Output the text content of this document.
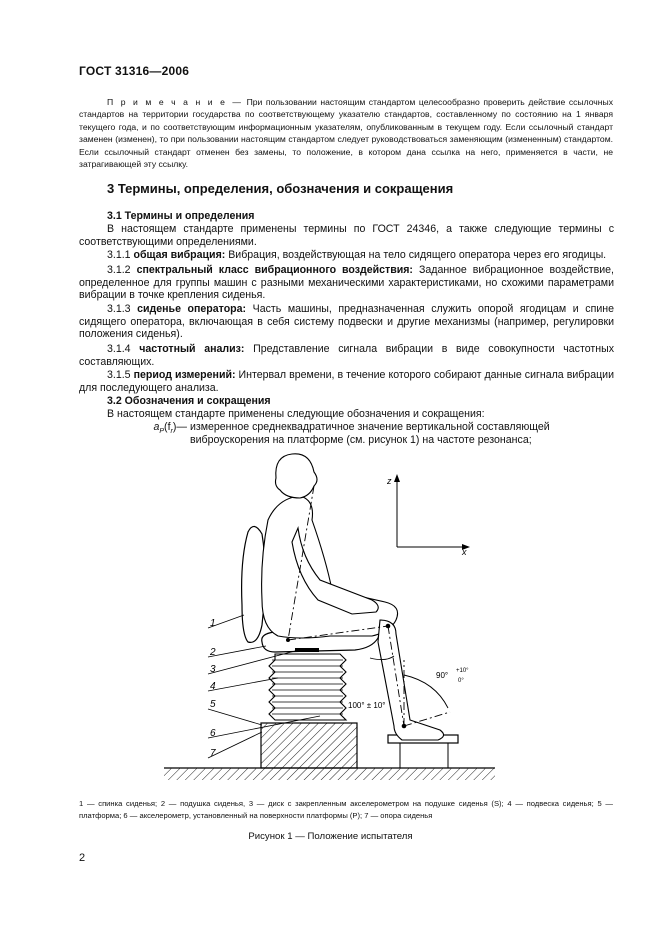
ГОСТ 31316—2006
П р и м е ч а н и е — При пользовании настоящим стандартом целесообразно проверить действие ссылочных стандартов на территории государства по соответствующему указателю стандартов, составленному по состоянию на 1 января текущего года, и по соответствующим информационным указателям, опубликованным в текущем году. Если ссылочный стандарт заменен (изменен), то при пользовании настоящим стандартом следует руководствоваться заменяющим (измененным) стандартом. Если ссылочный стандарт отменен без замены, то положение, в котором дана ссылка на него, применяется в части, не затрагивающей эту ссылку.
3 Термины, определения, обозначения и сокращения
3.1 Термины и определения
В настоящем стандарте применены термины по ГОСТ 24346, а также следующие термины с соответствующими определениями.
3.1.1 общая вибрация: Вибрация, воздействующая на тело сидящего оператора через его ягодицы.
3.1.2 спектральный класс вибрационного воздействия: Заданное вибрационное воздействие, определенное для группы машин с разными механическими характеристиками, но схожими параметрами вибрации в точке крепления сиденья.
3.1.3 сиденье оператора: Часть машины, предназначенная служить опорой ягодицам и спине сидящего оператора, включающая в себя систему подвески и другие механизмы (например, регулировки положения сиденья).
3.1.4 частотный анализ: Представление сигнала вибрации в виде совокупности частотных составляющих.
3.1.5 период измерений: Интервал времени, в течение которого собирают данные сигнала вибрации для последующего анализа.
3.2 Обозначения и сокращения
В настоящем стандарте применены следующие обозначения и сокращения:
$a_P(f_r)—$ измеренное среднеквадратичное значение вертикальной составляющей виброускорения на платформе (см. рисунок 1) на частоте резонанса;
z
x
100° ± 10°
90° +10°
0°
1
2
3
4
5
6
7
1 — спинка сиденья; 2 — подушка сиденья, 3 — диск с закрепленным акселерометром на подушке сиденья (S); 4 — подвеска сиденья; 5 — платформа; 6 — акселерометр, установленный на поверхности платформы (P); 7 — опора сиденья
Рисунок 1 — Положение испытателя
2
